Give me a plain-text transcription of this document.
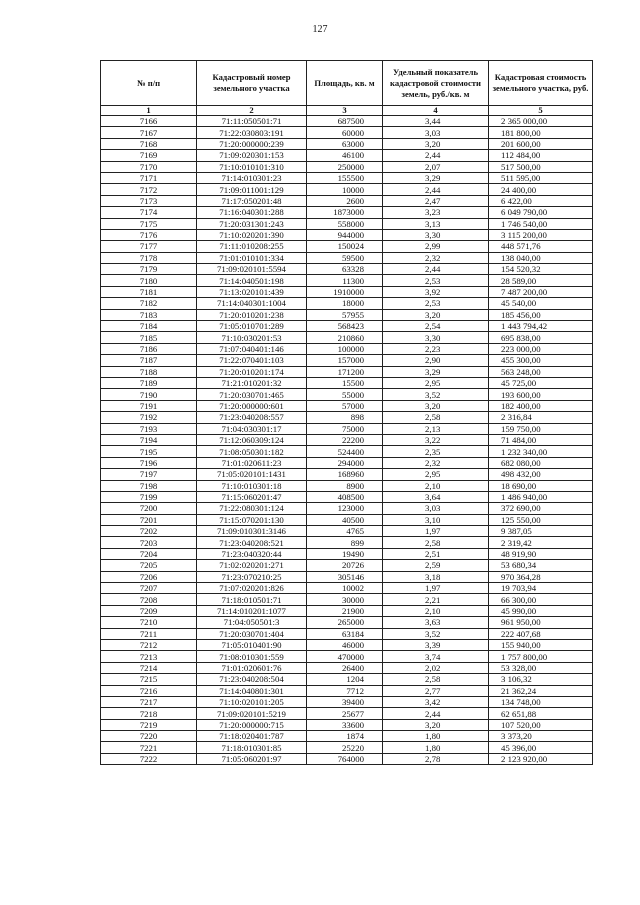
127
№ п/п	Кадастровый номер земельного участка	Площадь, кв. м	Удельный показатель кадастровой стоимости земель, руб./кв. м	Кадастровая стоимость земельного участка, руб.
1	2	3	4	5
7166	71:11:050501:71	687500	3,44	2 365 000,00
7167	71:22:030803:191	60000	3,03	181 800,00
7168	71:20:000000:239	63000	3,20	201 600,00
7169	71:09:020301:153	46100	2,44	112 484,00
7170	71:10:010101:310	250000	2,07	517 500,00
7171	71:14:010301:23	155500	3,29	511 595,00
7172	71:09:011001:129	10000	2,44	24 400,00
7173	71:17:050201:48	2600	2,47	6 422,00
7174	71:16:040301:288	1873000	3,23	6 049 790,00
7175	71:20:031301:243	558000	3,13	1 746 540,00
7176	71:10:020201:390	944000	3,30	3 115 200,00
7177	71:11:010208:255	150024	2,99	448 571,76
7178	71:01:010101:334	59500	2,32	138 040,00
7179	71:09:020101:5594	63328	2,44	154 520,32
7180	71:14:040501:198	11300	2,53	28 589,00
7181	71:13:020101:439	1910000	3,92	7 487 200,00
7182	71:14:040301:1004	18000	2,53	45 540,00
7183	71:20:010201:238	57955	3,20	185 456,00
7184	71:05:010701:289	568423	2,54	1 443 794,42
7185	71:10:030201:53	210860	3,30	695 838,00
7186	71:07:040401:146	100000	2,23	223 000,00
7187	71:22:070401:103	157000	2,90	455 300,00
7188	71:20:010201:174	171200	3,29	563 248,00
7189	71:21:010201:32	15500	2,95	45 725,00
7190	71:20:030701:465	55000	3,52	193 600,00
7191	71:20:000000:601	57000	3,20	182 400,00
7192	71:23:040208:557	898	2,58	2 316,84
7193	71:04:030301:17	75000	2,13	159 750,00
7194	71:12:060309:124	22200	3,22	71 484,00
7195	71:08:050301:182	524400	2,35	1 232 340,00
7196	71:01:020611:23	294000	2,32	682 080,00
7197	71:05:020101:1431	168960	2,95	498 432,00
7198	71:10:010301:18	8900	2,10	18 690,00
7199	71:15:060201:47	408500	3,64	1 486 940,00
7200	71:22:080301:124	123000	3,03	372 690,00
7201	71:15:070201:130	40500	3,10	125 550,00
7202	71:09:010301:3146	4765	1,97	9 387,05
7203	71:23:040208:521	899	2,58	2 319,42
7204	71:23:040320:44	19490	2,51	48 919,90
7205	71:02:020201:271	20726	2,59	53 680,34
7206	71:23:070210:25	305146	3,18	970 364,28
7207	71:07:020201:826	10002	1,97	19 703,94
7208	71:18:010501:71	30000	2,21	66 300,00
7209	71:14:010201:1077	21900	2,10	45 990,00
7210	71:04:050501:3	265000	3,63	961 950,00
7211	71:20:030701:404	63184	3,52	222 407,68
7212	71:05:010401:90	46000	3,39	155 940,00
7213	71:08:010301:559	470000	3,74	1 757 800,00
7214	71:01:020601:76	26400	2,02	53 328,00
7215	71:23:040208:504	1204	2,58	3 106,32
7216	71:14:040801:301	7712	2,77	21 362,24
7217	71:10:020101:205	39400	3,42	134 748,00
7218	71:09:020101:5219	25677	2,44	62 651,88
7219	71:20:000000:715	33600	3,20	107 520,00
7220	71:18:020401:787	1874	1,80	3 373,20
7221	71:18:010301:85	25220	1,80	45 396,00
7222	71:05:060201:97	764000	2,78	2 123 920,00
